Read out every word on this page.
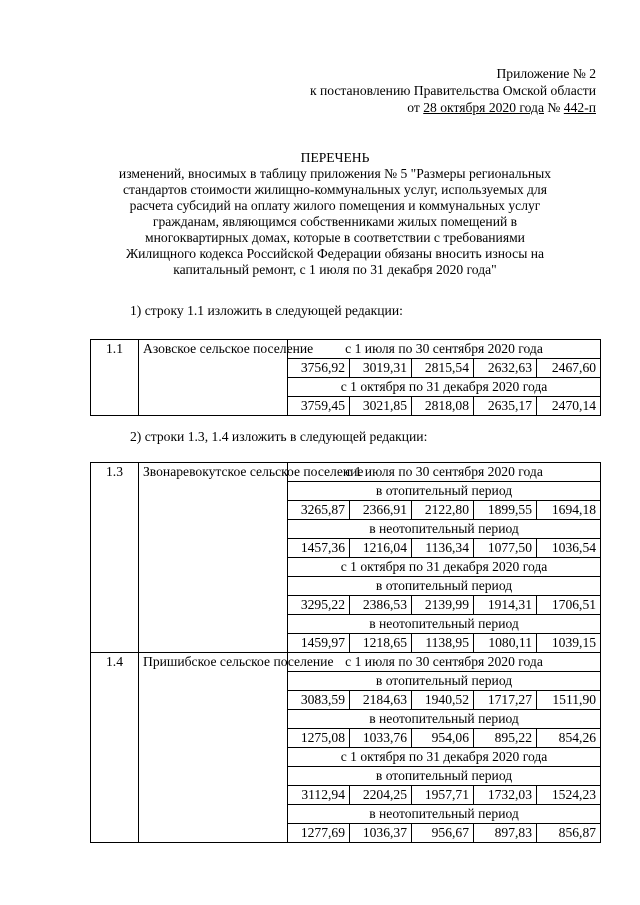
Приложение № 2
к постановлению Правительства Омской области
от 28 октября 2020 года № 442-п
ПЕРЕЧЕНЬ
изменений, вносимых в таблицу приложения № 5 "Размеры региональных
стандартов стоимости жилищно-коммунальных услуг, используемых для
расчета субсидий на оплату жилого помещения и коммунальных услуг
гражданам, являющимся собственниками жилых помещений в
многоквартирных домах, которые в соответствии с требованиями
Жилищного кодекса Российской Федерации обязаны вносить износы на
капитальный ремонт, с 1 июля по 31 декабря 2020 года"
1) строку 1.1 изложить в следующей редакции:
1.1	Азовское сельское поселение	с 1 июля по 30 сентября 2020 года				
		3756,92	3019,31	2815,54	2632,63	2467,60
		с 1 октября по 31 декабря 2020 года				
		3759,45	3021,85	2818,08	2635,17	2470,14
2) строки 1.3, 1.4 изложить в следующей редакции:
1.3	Звонаревокутское сельское поселение	с 1 июля по 30 сентября 2020 года				
		в отопительный период				
		3265,87	2366,91	2122,80	1899,55	1694,18
		в неотопительный период				
		1457,36	1216,04	1136,34	1077,50	1036,54
		с 1 октября по 31 декабря 2020 года				
		в отопительный период				
		3295,22	2386,53	2139,99	1914,31	1706,51
		в неотопительный период				
		1459,97	1218,65	1138,95	1080,11	1039,15
1.4	Пришибское сельское поселение	с 1 июля по 30 сентября 2020 года				
		в отопительный период				
		3083,59	2184,63	1940,52	1717,27	1511,90
		в неотопительный период				
		1275,08	1033,76	954,06	895,22	854,26
		с 1 октября по 31 декабря 2020 года				
		в отопительный период				
		3112,94	2204,25	1957,71	1732,03	1524,23
		в неотопительный период				
		1277,69	1036,37	956,67	897,83	856,87
